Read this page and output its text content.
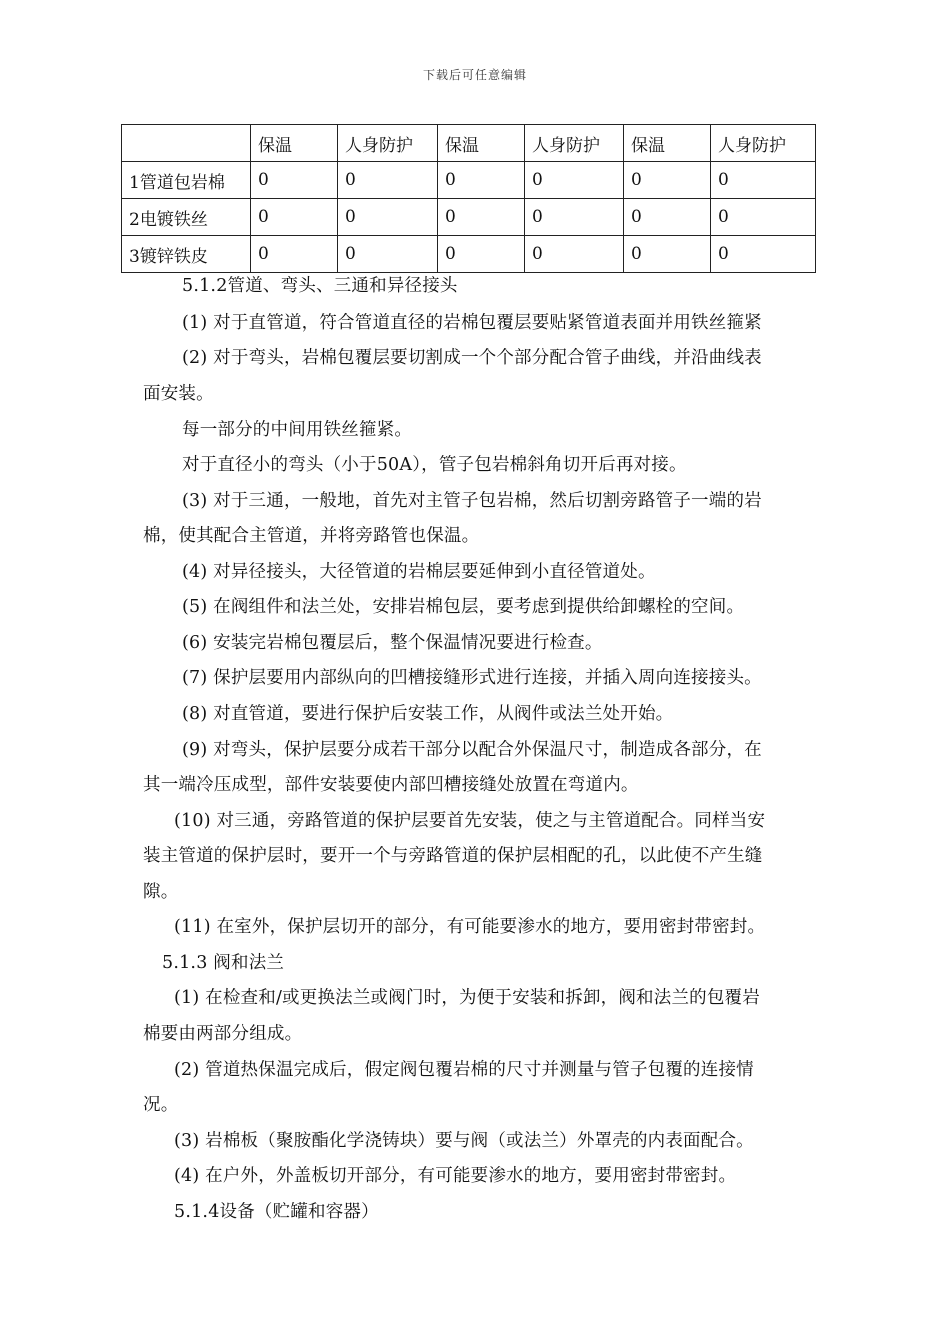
下载后可任意编辑
	保温	人身防护	保温	人身防护	保温	人身防护
1管道包岩棉	0	0	0	0	0	0
2电镀铁丝	0	0	0	0	0	0
3镀锌铁皮	0	0	0	0	0	0
5.1.2管道、弯头、三通和异径接头
(1) 对于直管道，符合管道直径的岩棉包覆层要贴紧管道表面并用铁丝箍紧
(2) 对于弯头，岩棉包覆层要切割成一个个部分配合管子曲线，并沿曲线表
面安装。
每一部分的中间用铁丝箍紧。
对于直径小的弯头（小于50A），管子包岩棉斜角切开后再对接。
(3) 对于三通，一般地，首先对主管子包岩棉，然后切割旁路管子一端的岩
棉，使其配合主管道，并将旁路管也保温。
(4) 对异径接头，大径管道的岩棉层要延伸到小直径管道处。
(5) 在阀组件和法兰处，安排岩棉包层，要考虑到提供给卸螺栓的空间。
(6) 安装完岩棉包覆层后，整个保温情况要进行检查。
(7) 保护层要用内部纵向的凹槽接缝形式进行连接，并插入周向连接接头。
(8) 对直管道，要进行保护后安装工作，从阀件或法兰处开始。
(9) 对弯头，保护层要分成若干部分以配合外保温尺寸，制造成各部分，在
其一端冷压成型，部件安装要使内部凹槽接缝处放置在弯道内。
(10) 对三通，旁路管道的保护层要首先安装，使之与主管道配合。同样当安
装主管道的保护层时，要开一个与旁路管道的保护层相配的孔，以此使不产生缝
隙。
(11) 在室外，保护层切开的部分，有可能要渗水的地方，要用密封带密封。
5.1.3 阀和法兰
(1) 在检查和/或更换法兰或阀门时，为便于安装和拆卸，阀和法兰的包覆岩
棉要由两部分组成。
(2) 管道热保温完成后，假定阀包覆岩棉的尺寸并测量与管子包覆的连接情
况。
(3) 岩棉板（聚胺酯化学浇铸块）要与阀（或法兰）外罩壳的内表面配合。
(4) 在户外，外盖板切开部分，有可能要渗水的地方，要用密封带密封。
5.1.4设备（贮罐和容器）
